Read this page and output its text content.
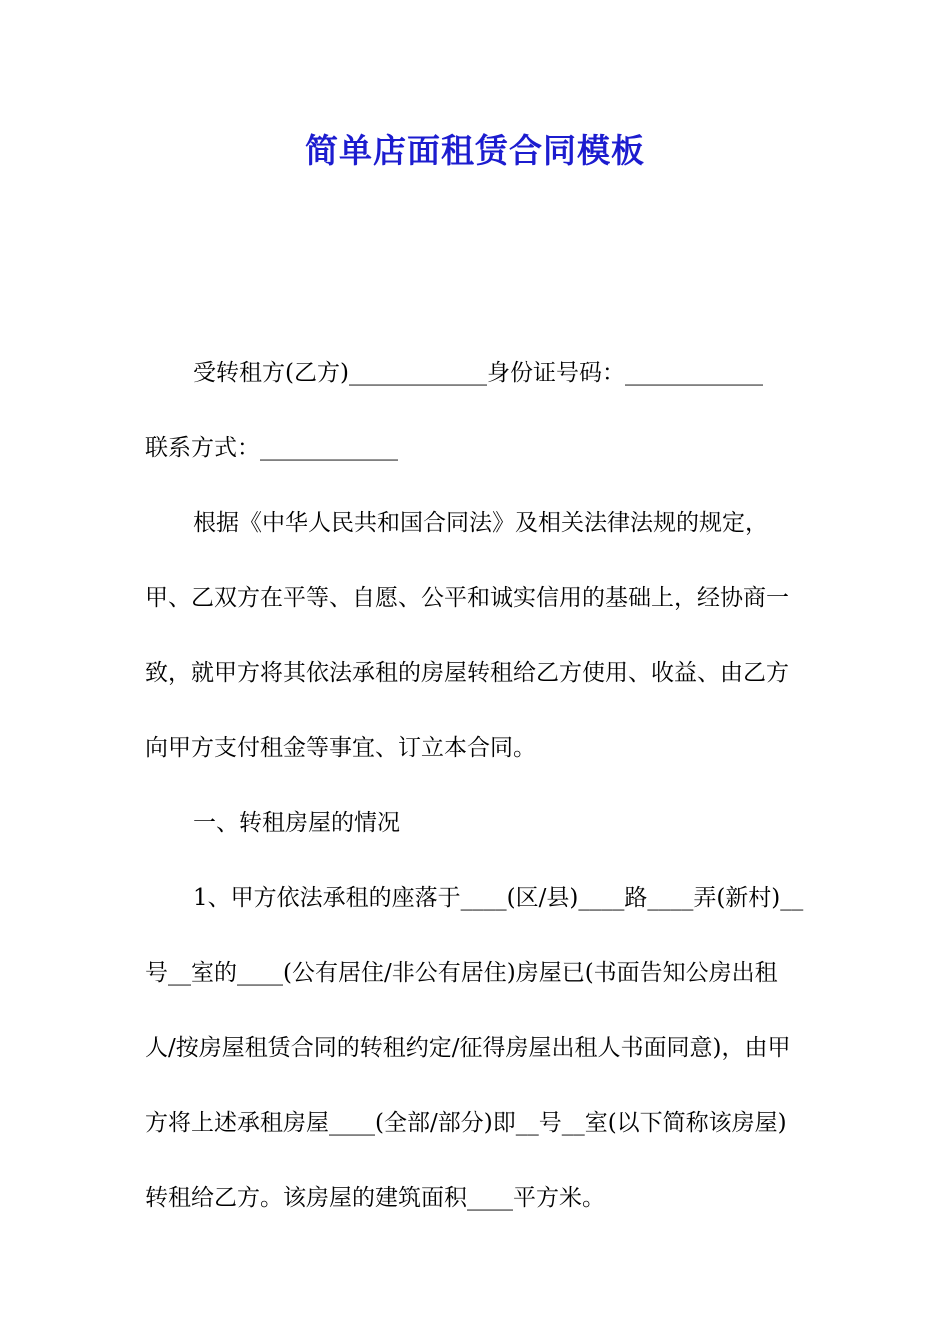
简单店面租赁合同模板

受转租方(乙方)____________身份证号码：____________

联系方式：____________

根据《中华人民共和国合同法》及相关法律法规的规定，甲、乙双方在平等、自愿、公平和诚实信用的基础上，经协商一致，就甲方将其依法承租的房屋转租给乙方使用、收益、由乙方向甲方支付租金等事宜、订立本合同。

一、转租房屋的情况

1、甲方依法承租的座落于____(区/县)____路____弄(新村)__号__室的____(公有居住/非公有居住)房屋已(书面告知公房出租人/按房屋租赁合同的转租约定/征得房屋出租人书面同意)，由甲方将上述承租房屋____(全部/部分)即__号__室(以下简称该房屋)转租给乙方。该房屋的建筑面积____平方米。
